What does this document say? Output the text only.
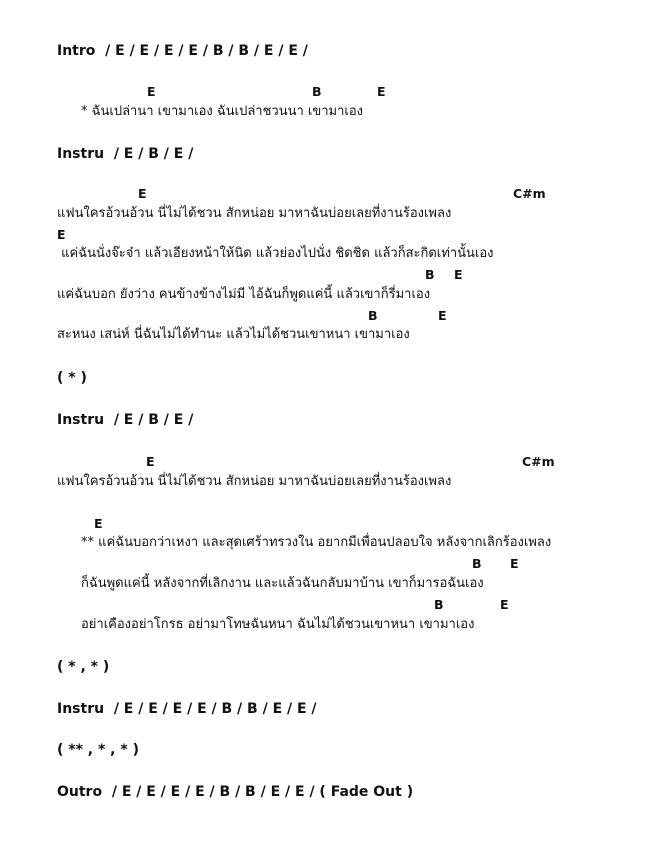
Intro  / E / E / E / E / B / B / E / E /

E

	B

	E

* ฉันเปล่านา เขามาเอง ฉันเปล่าชวนนา เขามาเอง
Instru  / E / B / E /

E

	C#m

แฟนใครอ้วนอ้วน นี่ไม่ได้ชวน สักหน่อย มาหาฉันบ่อยเลยที่งานร้องเพลง
E
แค่ฉันนั่งจ๊ะจ๋า แล้วเอียงหน้าให้นิด แล้วย่องไปนั่ง ชิดชิด แล้วก็สะกิดเท่านั้นเอง

B

E

แค่ฉันบอก ยังว่าง คนข้างข้างไม่มี ไอ้ฉันก็พูดแค่นี้ แล้วเขาก็รี่มาเอง

B

	E

สะหนง เสน่ห์ นี่ฉันไม่ได้ทำนะ แล้วไม่ได้ชวนเขาหนา เขามาเอง
( * )
Instru  / E / B / E /

E

	C#m

แฟนใครอ้วนอ้วน นี่ไม่ได้ชวน สักหน่อย มาหาฉันบ่อยเลยที่งานร้องเพลง
E
** แค่ฉันบอกว่าเหงา และสุดเศร้าทรวงใน อยากมีเพื่อนปลอบใจ หลังจากเลิกร้องเพลง

B

E

ก็ฉันพูดแค่นี้ หลังจากที่เลิกงาน และแล้วฉันกลับมาบ้าน เขาก็มารอฉันเอง

B

	E

อย่าเคืองอย่าโกรธ อย่ามาโทษฉันหนา ฉันไม่ได้ชวนเขาหนา เขามาเอง
( * , * )
Instru  / E / E / E / E / B / B / E / E /
( ** , * , * )
Outro  / E / E / E / E / B / B / E / E / ( Fade Out )
